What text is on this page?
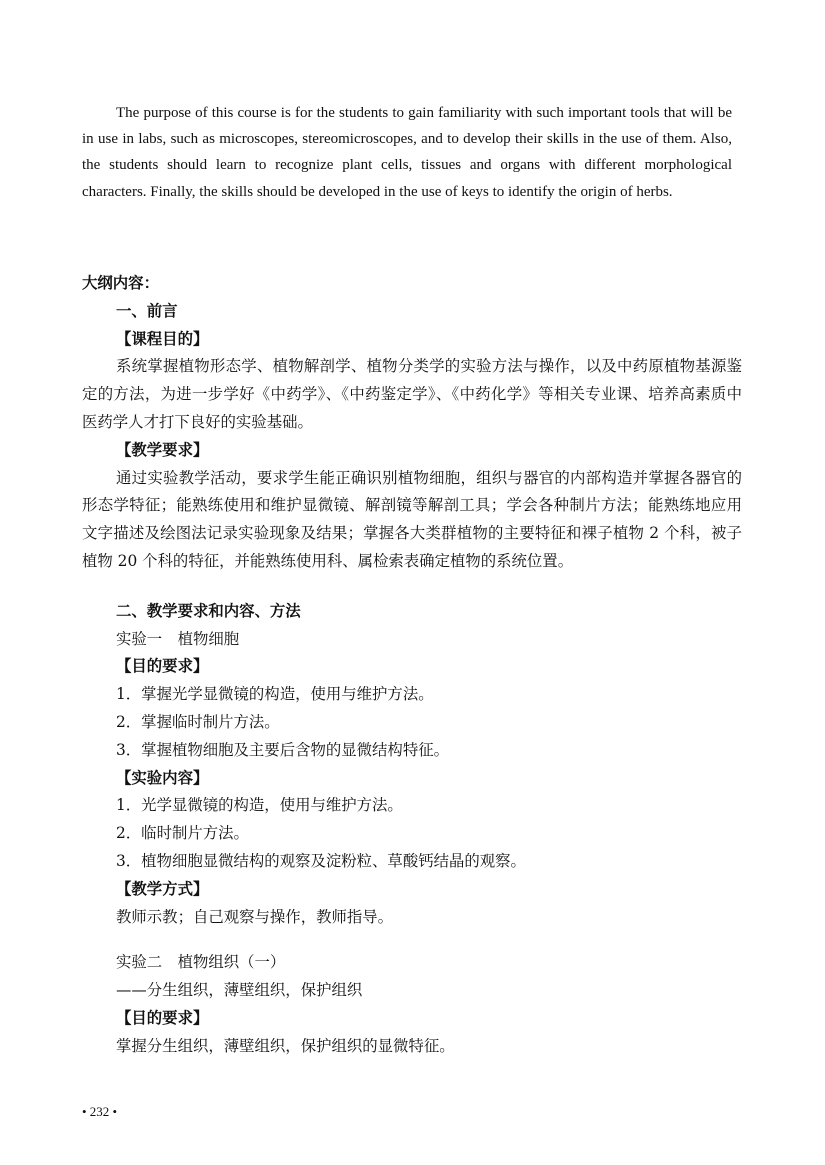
The purpose of this course is for the students to gain familiarity with such important tools that will be in use in labs, such as microscopes, stereomicroscopes, and to develop their skills in the use of them. Also, the students should learn to recognize plant cells, tissues and organs with different morphological characters. Finally, the skills should be developed in the use of keys to identify the origin of herbs.

大纲内容：
一、前言
【课程目的】

系统掌握植物形态学、植物解剖学、植物分类学的实验方法与操作，以及中药原植物基源鉴定的方法，为进一步学好《中药学》、《中药鉴定学》、《中药化学》等相关专业课、培养高素质中医药学人才打下良好的实验基础。

【教学要求】

通过实验教学活动，要求学生能正确识别植物细胞，组织与器官的内部构造并掌握各器官的形态学特征；能熟练使用和维护显微镜、解剖镜等解剖工具；学会各种制片方法；能熟练地应用文字描述及绘图法记录实验现象及结果；掌握各大类群植物的主要特征和裸子植物 2 个科，被子植物 20 个科的特征，并能熟练使用科、属检索表确定植物的系统位置。

二、教学要求和内容、方法
实验一　植物细胞
【目的要求】
1．掌握光学显微镜的构造，使用与维护方法。
2．掌握临时制片方法。
3．掌握植物细胞及主要后含物的显微结构特征。
【实验内容】
1．光学显微镜的构造，使用与维护方法。
2．临时制片方法。
3．植物细胞显微结构的观察及淀粉粒、草酸钙结晶的观察。
【教学方式】
教师示教；自己观察与操作，教师指导。
实验二　植物组织（一）
——分生组织，薄壁组织，保护组织
【目的要求】
掌握分生组织，薄壁组织，保护组织的显微特征。
• 232 •
